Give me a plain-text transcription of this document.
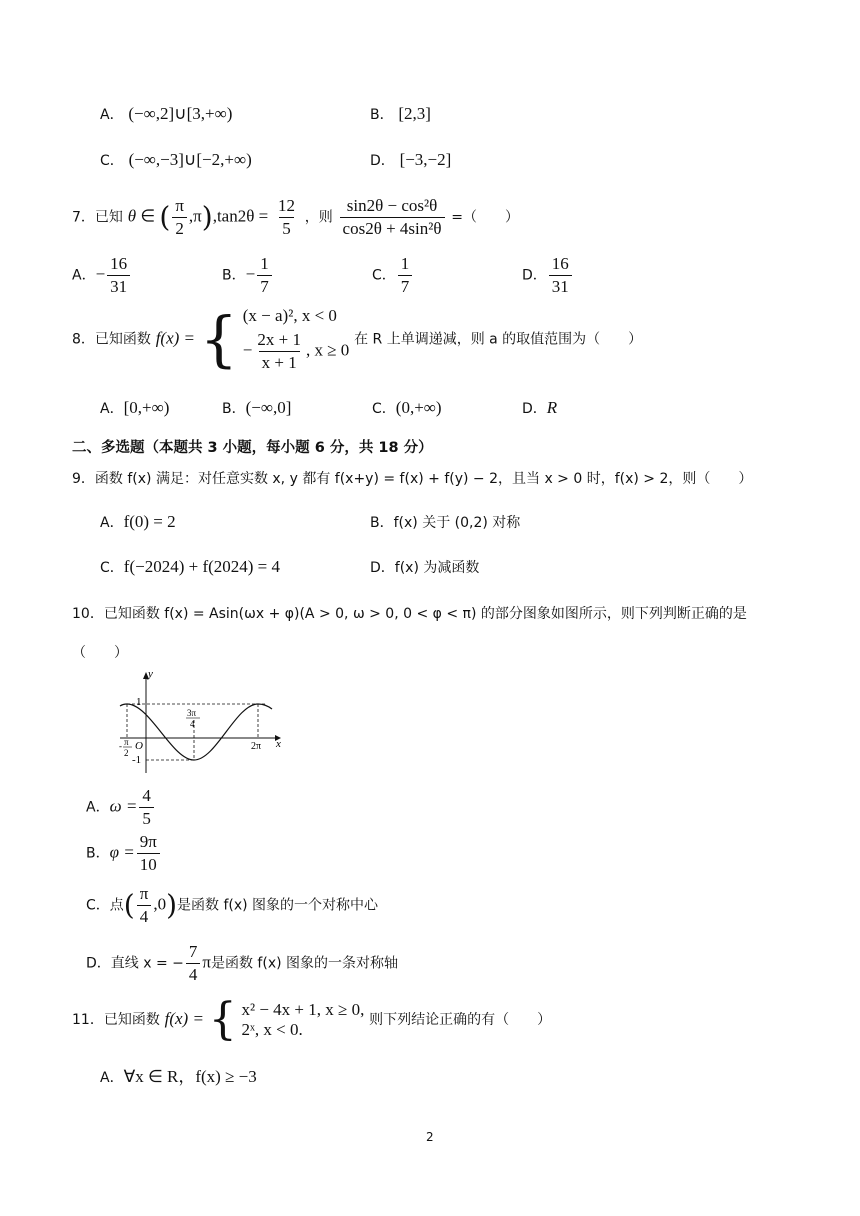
A． (−∞,2]∪[3,+∞)	B． [2,3]
C． (−∞,−3]∪[−2,+∞)	D． [−3,−2]
7．已知 θ ∈ ( $\frac{\pi}{2} ,\pi),\tan 2\theta = \frac{12}{5}$ ，则 $\frac{\text{sin2θ − cos²θ}}{\text{cos2θ + 4sin²θ}}$ =（　　）
A．− $\frac{16}{31}$	B．− $\frac{1}{7}$	C． $\frac{1}{7}$	D． $\frac{16}{31}$
8．已知函数 f(x) = { (x − a)², x < 0
− $\frac{2x + 1}{x + 1}$ , x ≥ 0
在 R 上单调递减，则 a 的取值范围为（　　）
A．[0,+∞)	B．(−∞,0]	C．(0,+∞)	D．R
二、多选题（本题共 3 小题，每小题 6 分，共 18 分）
9．函数 f(x) 满足：对任意实数 x, y 都有 f(x+y) = f(x) + f(y) − 2，且当 x > 0 时，f(x) > 2，则（　　）
A．f(0) = 2	B．f(x) 关于 (0,2) 对称
C．f(−2024) + f(2024) = 4	D．f(x) 为减函数
10．已知函数 f(x) = Asin(ωx + φ)(A > 0, ω > 0, 0 < φ < π) 的部分图象如图所示，则下列判断正确的是
（　　）
y
x
1
-1
O
- π
2
3π
4
2π
A．$\omega = \frac{4}{5}$
B．$\varphi = \frac{9\pi}{10}$
C．点( $\frac{\pi}{4} ,0$)是函数 f(x) 图象的一个对称中心
D．直线 x = − $\frac{7}{4}$ π是函数 f(x) 图象的一条对称轴
11．已知函数 f(x) = { x² − 4x + 1, x ≥ 0,
2ˣ, x < 0.	则下列结论正确的有（　　）
A．∀x ∈ R，f(x) ≥ −3
2
